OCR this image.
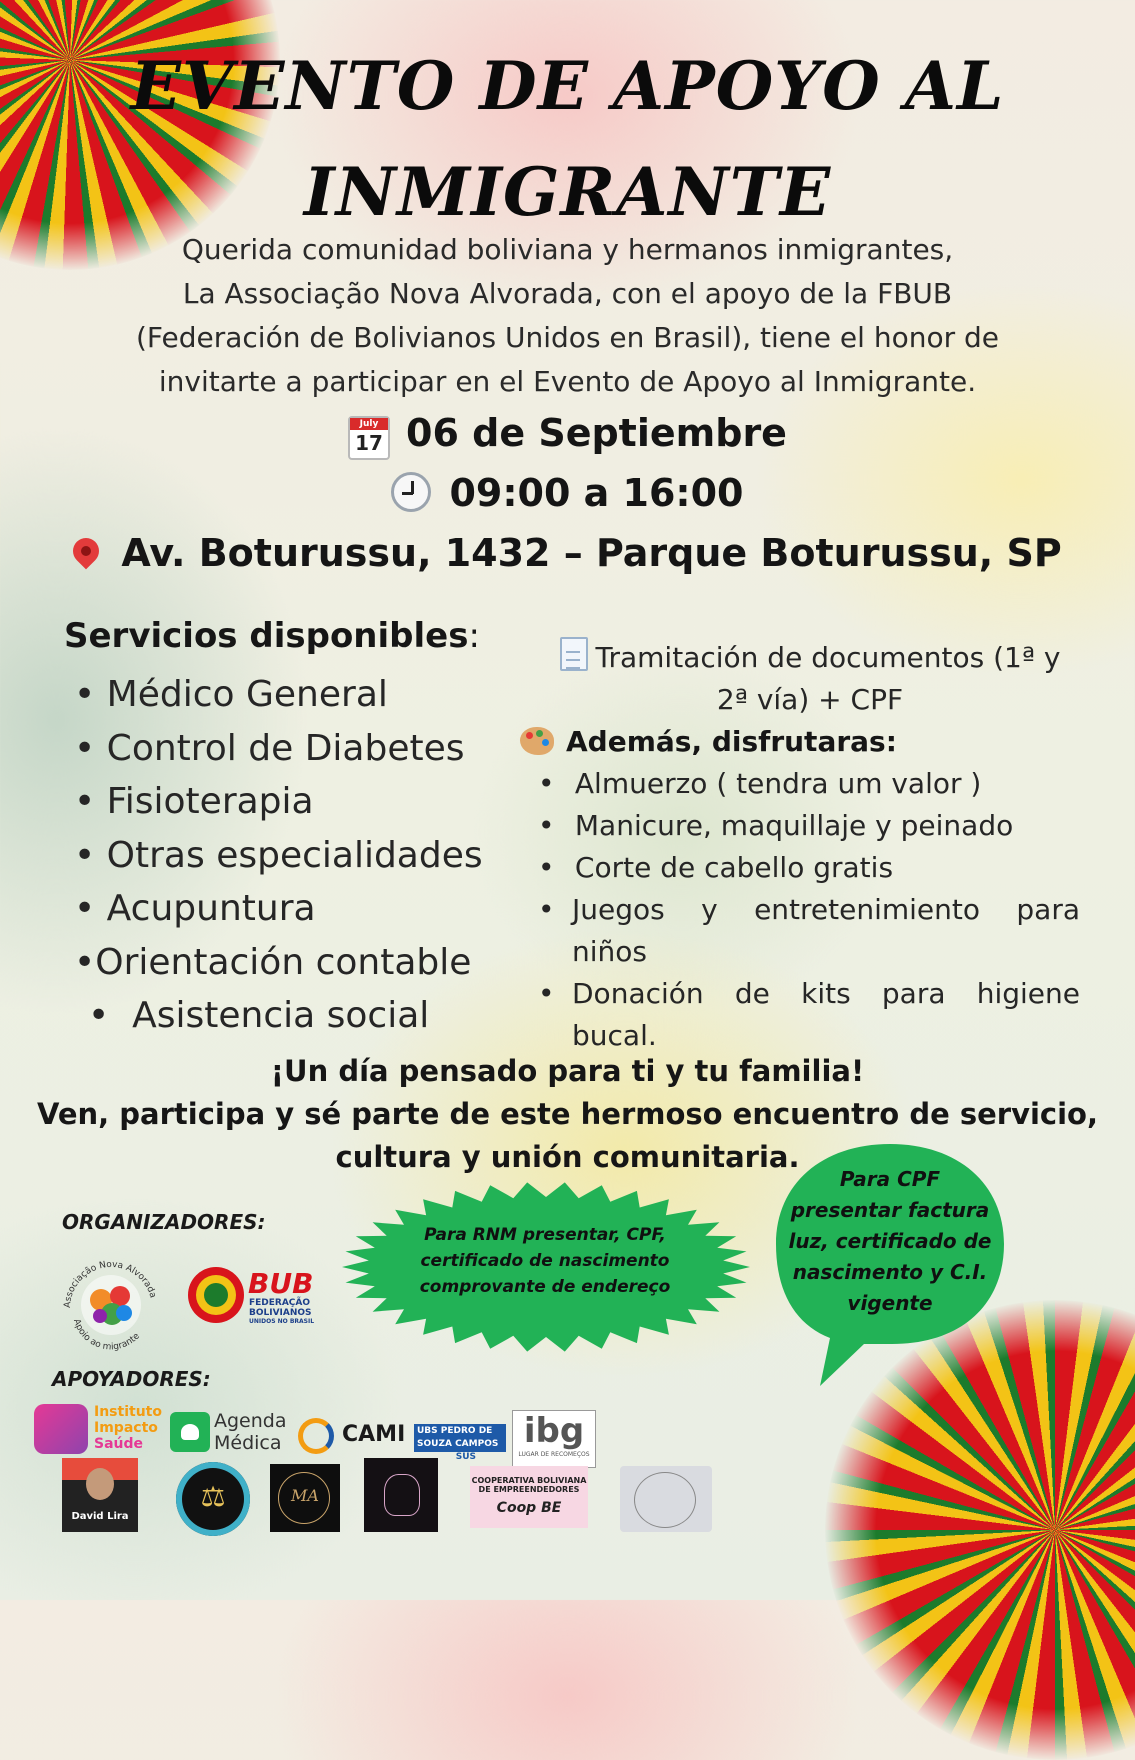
EVENTO DE APOYO AL
INMIGRANTE
Querida comunidad boliviana y hermanos inmigrantes,
La Associação Nova Alvorada, con el apoyo de la FBUB
(Federación de Bolivianos Unidos en Brasil), tiene el honor de
invitarte a participar en el Evento de Apoyo al Inmigrante.
July
17 06 de Septiembre
09:00 a 16:00
Av. Boturussu, 1432 – Parque Boturussu, SP
Servicios disponibles:
• Médico General
• Control de Diabetes
• Fisioterapia
• Otras especialidades
• Acupuntura
•Orientación contable
•  Asistencia social
Tramitación de documentos (1ª y
2ª vía) + CPF
Además, disfrutaras:
•  Almuerzo ( tendra um valor )
•  Manicure, maquillaje y peinado
•  Corte de cabello gratis
• Juegos y entretenimiento para niños
• Donación de kits para higiene bucal.
¡Un día pensado para ti y tu familia!
Ven, participa y sé parte de este hermoso encuentro de servicio,
cultura y unión comunitaria.
ORGANIZADORES:
Associação Nova Alvorada
Apoio ao migrante
BUB
FEDERAÇÃO
BOLIVIANOS
UNIDOS NO BRASIL
Para RNM presentar, CPF, certificado de nascimento comprovante de endereço
Para CPF presentar factura luz, certificado de nascimento y C.I. vigente
APOYADORES:
Instituto
Impacto
Saúde
Agenda
Médica	CAMI	UBS PEDRO DE
SOUZA CAMPOS
SUS
ibg
LUGAR DE RECOMEÇOS
David Lira
⚖	MA
COOPERATIVA BOLIVIANA
DE EMPREENDEDORES
Coop BE
